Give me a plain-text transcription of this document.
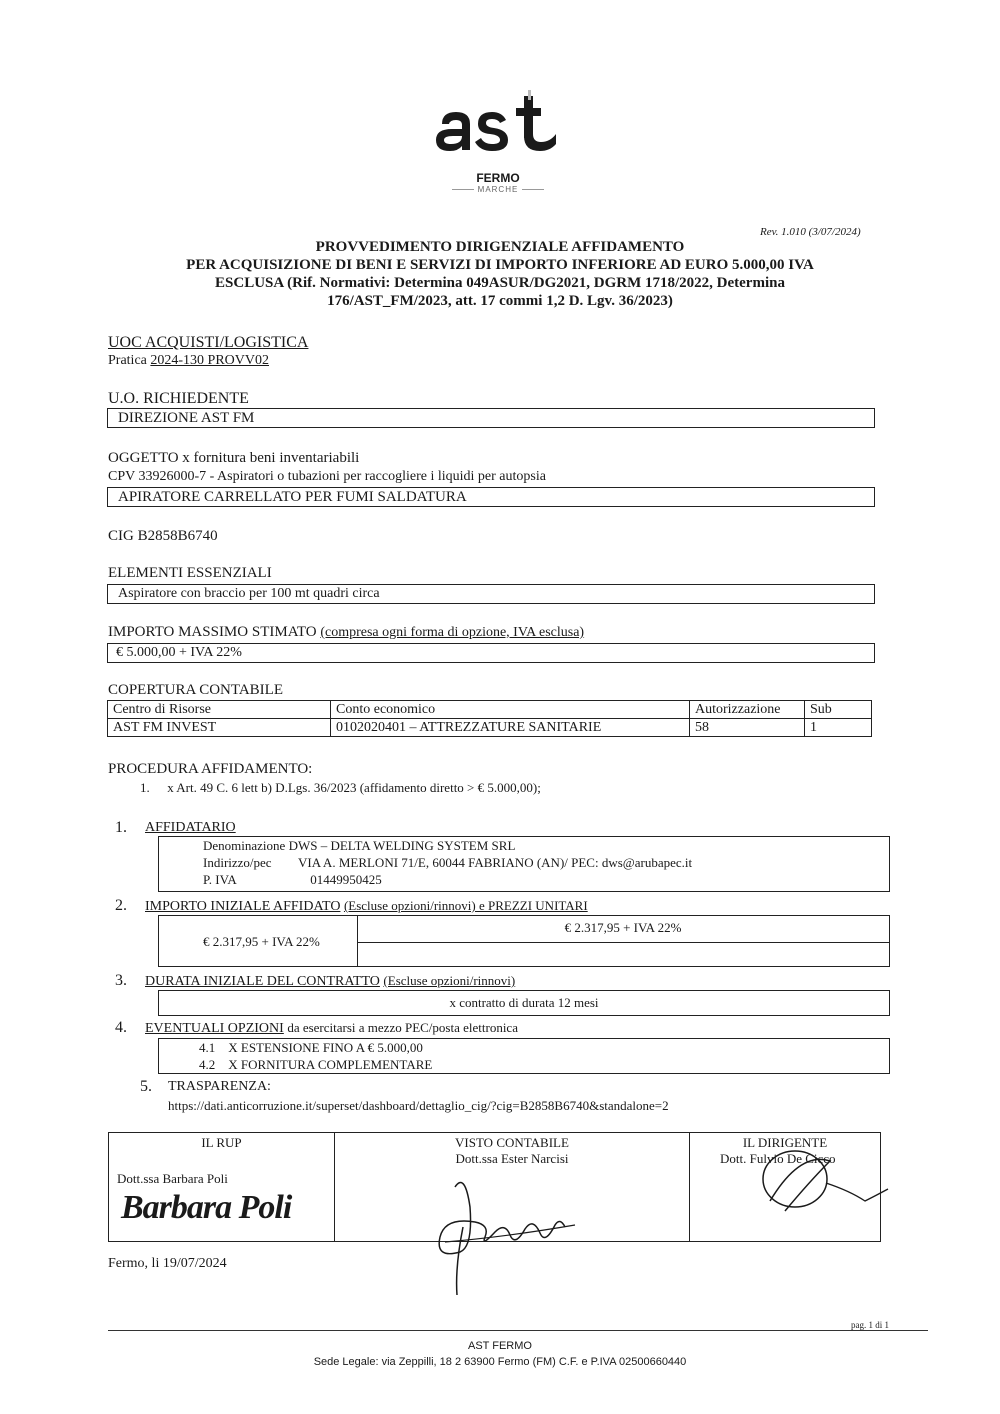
FERMO
MARCHE
Rev. 1.010 (3/07/2024)
PROVVEDIMENTO DIRIGENZIALE AFFIDAMENTO
PER ACQUISIZIONE DI BENI E SERVIZI DI IMPORTO INFERIORE AD EURO 5.000,00 IVA
ESCLUSA (Rif. Normativi: Determina 049ASUR/DG2021, DGRM 1718/2022, Determina
176/AST_FM/2023, att. 17 commi 1,2 D. Lgv. 36/2023)
UOC ACQUISTI/LOGISTICA
Pratica 2024-130 PROVV02
U.O. RICHIEDENTE
DIREZIONE AST FM
OGGETTO x fornitura beni inventariabili
CPV 33926000-7 - Aspiratori o tubazioni per raccogliere i liquidi per autopsia
APIRATORE CARRELLATO PER FUMI SALDATURA
CIG B2858B6740
ELEMENTI ESSENZIALI
Aspiratore con braccio per 100 mt quadri circa
IMPORTO MASSIMO STIMATO (compresa ogni forma di opzione, IVA esclusa)
€ 5.000,00 + IVA 22%
COPERTURA CONTABILE
Centro di Risorse	Conto economico	Autorizzazione	Sub
AST FM INVEST	0102020401 – ATTREZZATURE SANITARIE	58	1
PROCEDURA AFFIDAMENTO:
1. x Art. 49 C. 6 lett b) D.Lgs. 36/2023 (affidamento diretto > € 5.000,00);
1. AFFIDATARIO
Denominazione DWS – DELTA WELDING SYSTEM SRL
Indirizzo/pec VIA A. MERLONI 71/E, 60044 FABRIANO (AN)/ PEC: dws@arubapec.it
P. IVA	01449950425
2. IMPORTO INIZIALE AFFIDATO (Escluse opzioni/rinnovi) e PREZZI UNITARI
€ 2.317,95 + IVA 22%
€ 2.317,95 + IVA 22%
3. DURATA INIZIALE DEL CONTRATTO (Escluse opzioni/rinnovi)
x contratto di durata 12 mesi
4. EVENTUALI OPZIONI da esercitarsi a mezzo PEC/posta elettronica
4.1 X ESTENSIONE FINO A € 5.000,00
4.2 X FORNITURA COMPLEMENTARE
5. TRASPARENZA:
https://dati.anticorruzione.it/superset/dashboard/dettaglio_cig/?cig=B2858B6740&standalone=2
IL RUP
Dott.ssa Barbara Poli
Barbara Poli

VISTO CONTABILE
Dott.ssa Ester Narcisi

IL DIRIGENTE
Dott. Fulvio De Cicco
Fermo, li 19/07/2024
pag. 1 di 1
AST FERMO
Sede Legale: via Zeppilli, 18 2 63900 Fermo (FM) C.F. e P.IVA 02500660440
